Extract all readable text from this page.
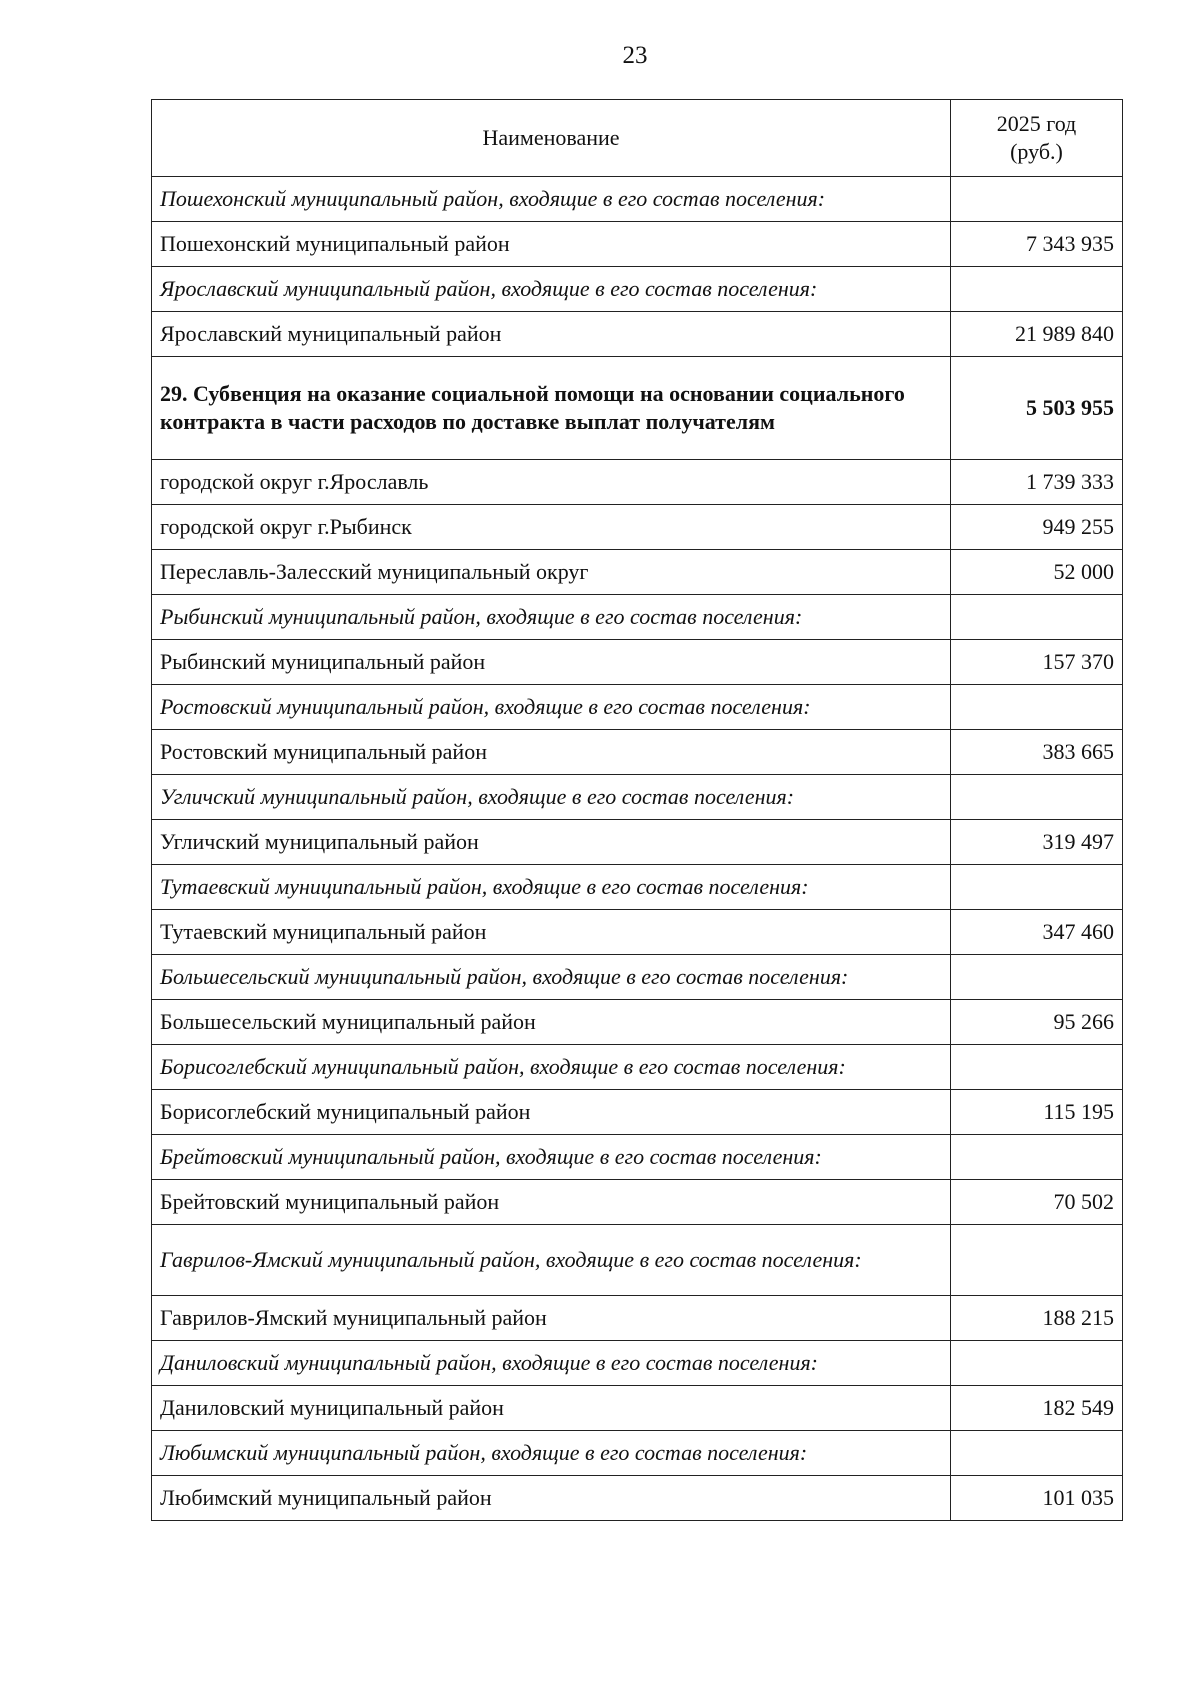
23
Наименование	2025 год
(руб.)
Пошехонский муниципальный район, входящие в его состав поселения:	
Пошехонский муниципальный район	7 343 935
Ярославский муниципальный район, входящие в его состав поселения:	
Ярославский муниципальный район	21 989 840
29. Субвенция на оказание социальной помощи на основании социального контракта в части расходов по доставке выплат получателям	5 503 955
городской округ г.Ярославль	1 739 333
городской округ г.Рыбинск	949 255
Переславль-Залесский муниципальный округ	52 000
Рыбинский муниципальный район, входящие в его состав поселения:	
Рыбинский муниципальный район	157 370
Ростовский муниципальный район, входящие в его состав поселения:	
Ростовский муниципальный район	383 665
Угличский муниципальный район, входящие в его состав поселения:	
Угличский муниципальный район	319 497
Тутаевский муниципальный район, входящие в его состав поселения:	
Тутаевский муниципальный район	347 460
Большесельский муниципальный район, входящие в его состав поселения:	
Большесельский муниципальный район	95 266
Борисоглебский муниципальный район, входящие в его состав поселения:	
Борисоглебский муниципальный район	115 195
Брейтовский муниципальный район, входящие в его состав поселения:	
Брейтовский муниципальный район	70 502
Гаврилов-Ямский муниципальный район, входящие в его состав поселения:	
Гаврилов-Ямский муниципальный район	188 215
Даниловский муниципальный район, входящие в его состав поселения:	
Даниловский муниципальный район	182 549
Любимский муниципальный район, входящие в его состав поселения:	
Любимский муниципальный район	101 035
